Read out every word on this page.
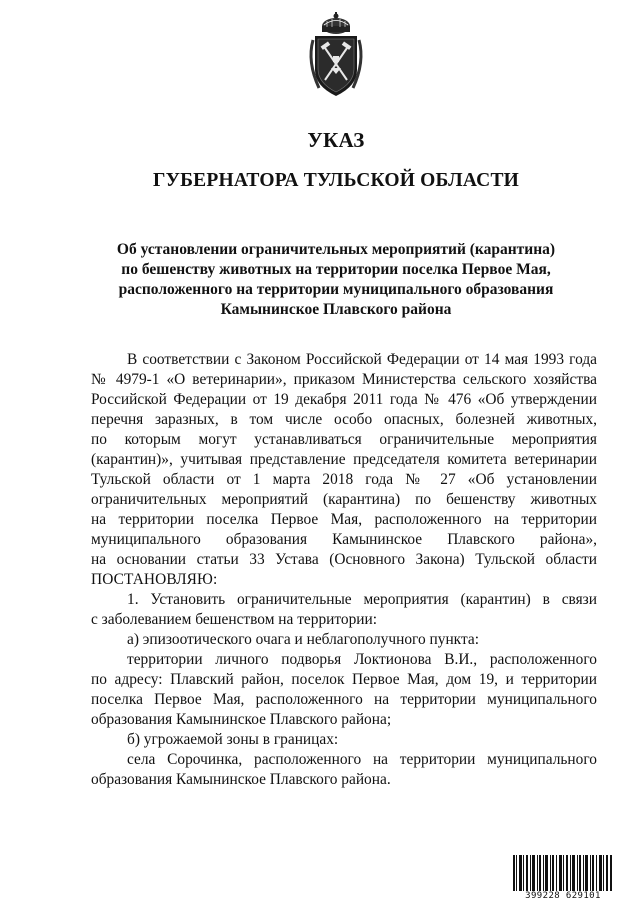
УКАЗ
ГУБЕРНАТОРА ТУЛЬСКОЙ ОБЛАСТИ
Об установлении ограничительных мероприятий (карантина)
по бешенству животных на территории поселка Первое Мая,
расположенного на территории муниципального образования
Камынинское Плавского района
В соответствии с Законом Российской Федерации от 14 мая 1993 года
№ 4979-1 «О ветеринарии», приказом Министерства сельского хозяйства
Российской Федерации от 19 декабря 2011 года № 476 «Об утверждении
перечня заразных, в том числе особо опасных, болезней животных,
по которым могут устанавливаться ограничительные мероприятия
(карантин)», учитывая представление председателя комитета ветеринарии
Тульской области от 1 марта 2018 года № 27 «Об установлении
ограничительных мероприятий (карантина) по бешенству животных
на территории поселка Первое Мая, расположенного на территории
муниципального образования Камынинское Плавского района»,
на основании статьи 33 Устава (Основного Закона) Тульской области
ПОСТАНОВЛЯЮ:
1. Установить ограничительные мероприятия (карантин) в связи
с заболеванием бешенством на территории:
а) эпизоотического очага и неблагополучного пункта:
территории личного подворья Локтионова В.И., расположенного
по адресу: Плавский район, поселок Первое Мая, дом 19, и территории
поселка Первое Мая, расположенного на территории муниципального
образования Камынинское Плавского района;
б) угрожаемой зоны в границах:
села Сорочинка, расположенного на территории муниципального
образования Камынинское Плавского района.
399228 629101
